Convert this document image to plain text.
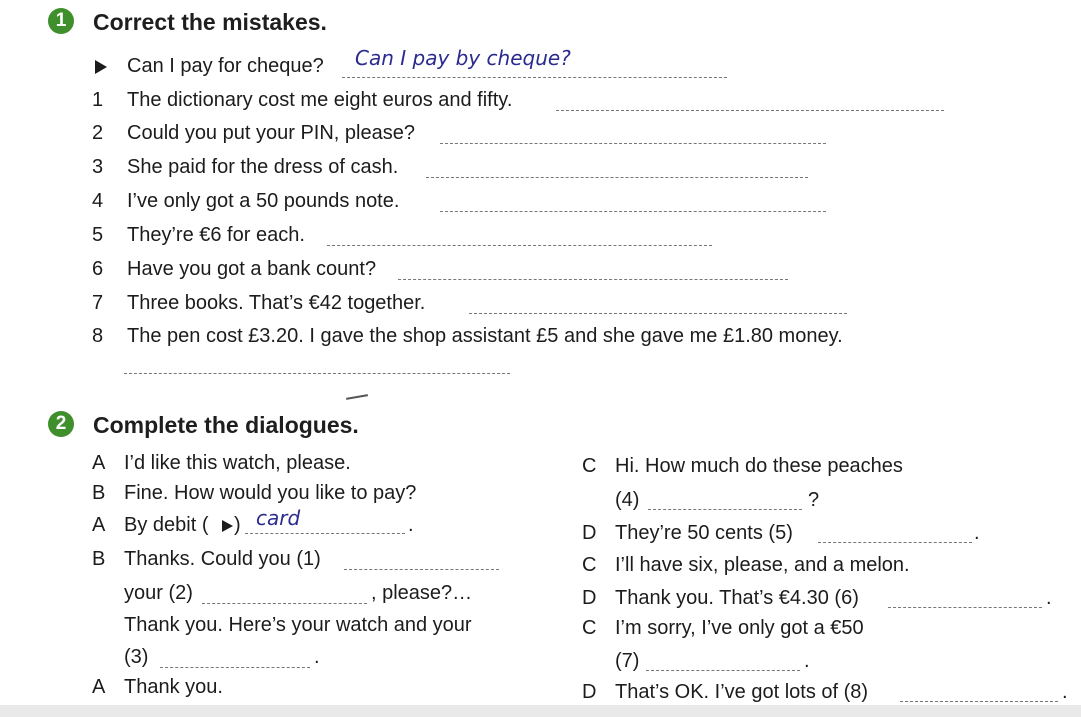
1	Correct the mistakes.
Can I pay for cheque? Can I pay by cheque?
1 The dictionary cost me eight euros and fifty.
2 Could you put your PIN, please?
3 She paid for the dress of cash.
4 I’ve only got a 50 pounds note.
5 They’re €6 for each.
6 Have you got a bank count?
7 Three books. That’s €42 together.
8 The pen cost £3.20. I gave the shop assistant £5 and she gave me £1.80 money.
2	Complete the dialogues.
A I’d like this watch, please.
B Fine. How would you like to pay?
A By debit ( ) card	.
B Thanks. Could you (1)
your (2)	, please?…
Thank you. Here’s your watch and your
(3)	.
A Thank you.
C Hi. How much do these peaches
(4)	?
D They’re 50 cents (5)	.
C I’ll have six, please, and a melon.
D Thank you. That’s €4.30 (6)	.
C I’m sorry, I’ve only got a €50
(7)	.
D That’s OK. I’ve got lots of (8)	.
